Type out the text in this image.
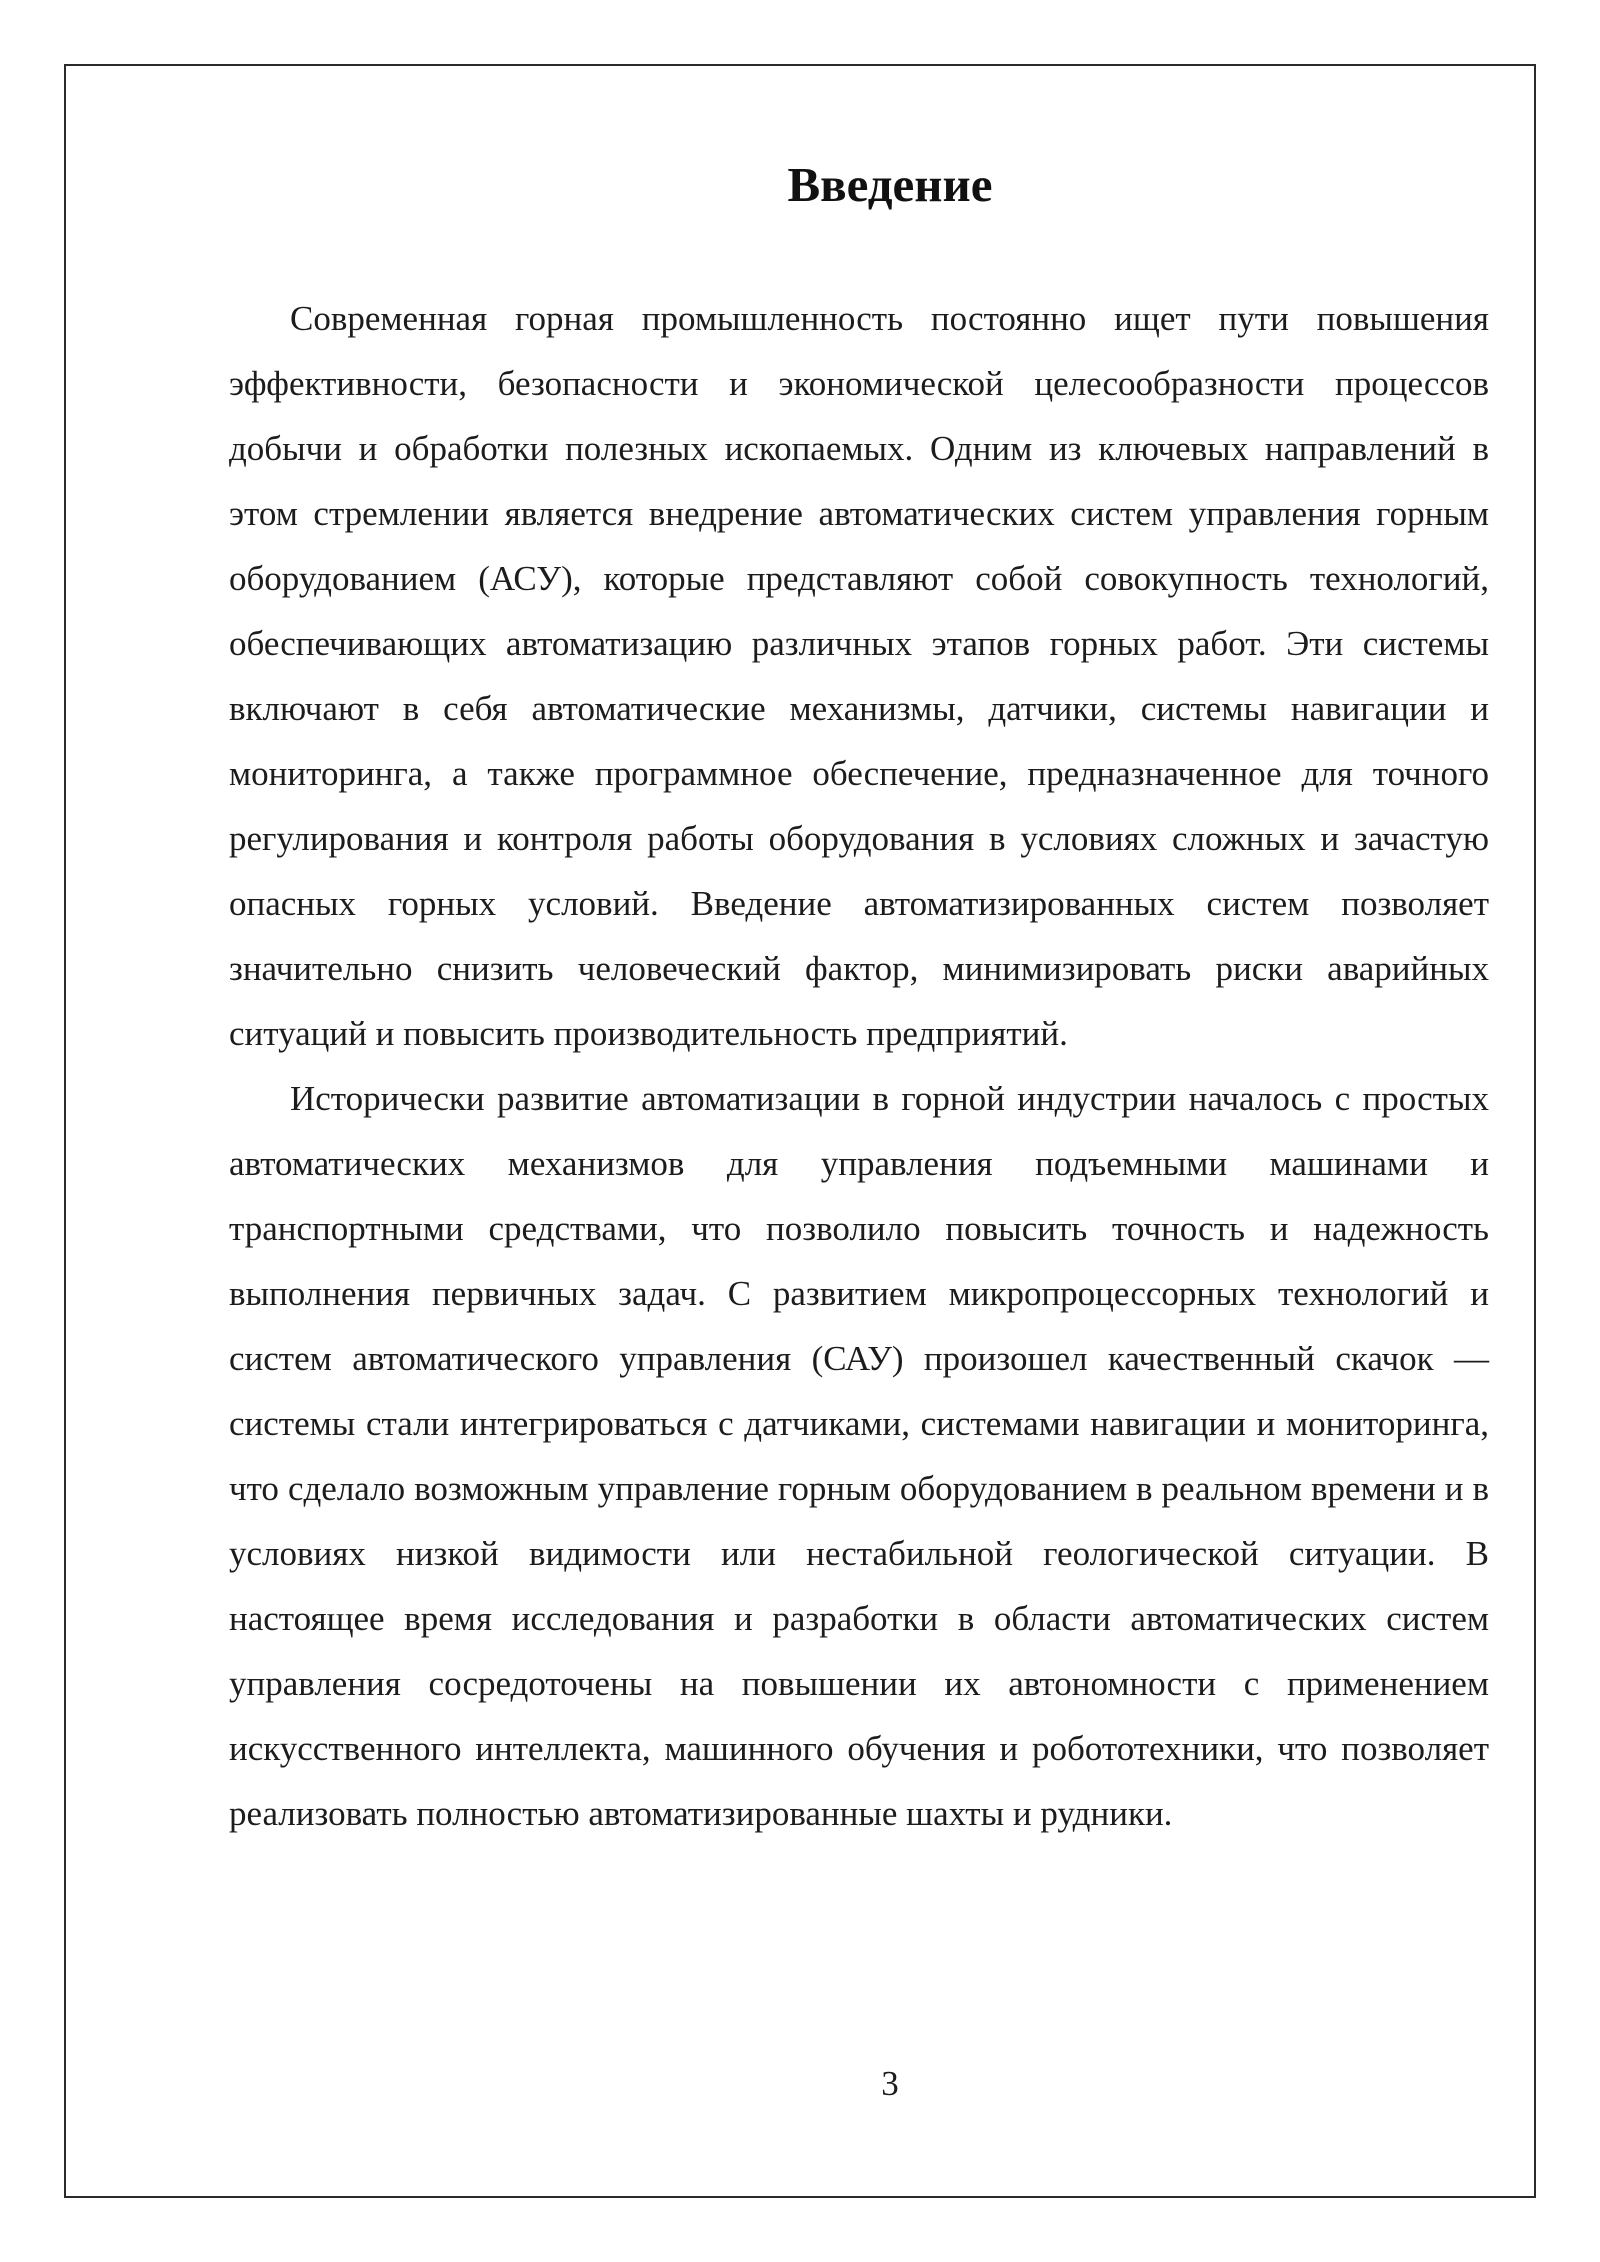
Введение

Современная горная промышленность постоянно ищет пути повышения эффективности, безопасности и экономической целесообразности процессов добычи и обработки полезных ископаемых. Одним из ключевых направлений в этом стремлении является внедрение автоматических систем управления горным оборудованием (АСУ), которые представляют собой совокупность технологий, обеспечивающих автоматизацию различных этапов горных работ. Эти системы включают в себя автоматические механизмы, датчики, системы навигации и мониторинга, а также программное обеспечение, предназначенное для точного регулирования и контроля работы оборудования в условиях сложных и зачастую опасных горных условий. Введение автоматизированных систем позволяет значительно снизить человеческий фактор, минимизировать риски аварийных ситуаций и повысить производительность предприятий.

Исторически развитие автоматизации в горной индустрии началось с простых автоматических механизмов для управления подъемными машинами и транспортными средствами, что позволило повысить точность и надежность выполнения первичных задач. С развитием микропроцессорных технологий и систем автоматического управления (САУ) произошел качественный скачок — системы стали интегрироваться с датчиками, системами навигации и мониторинга, что сделало возможным управление горным оборудованием в реальном времени и в условиях низкой видимости или нестабильной геологической ситуации. В настоящее время исследования и разработки в области автоматических систем управления сосредоточены на повышении их автономности с применением искусственного интеллекта, машинного обучения и робототехники, что позволяет реализовать полностью автоматизированные шахты и рудники.

3
